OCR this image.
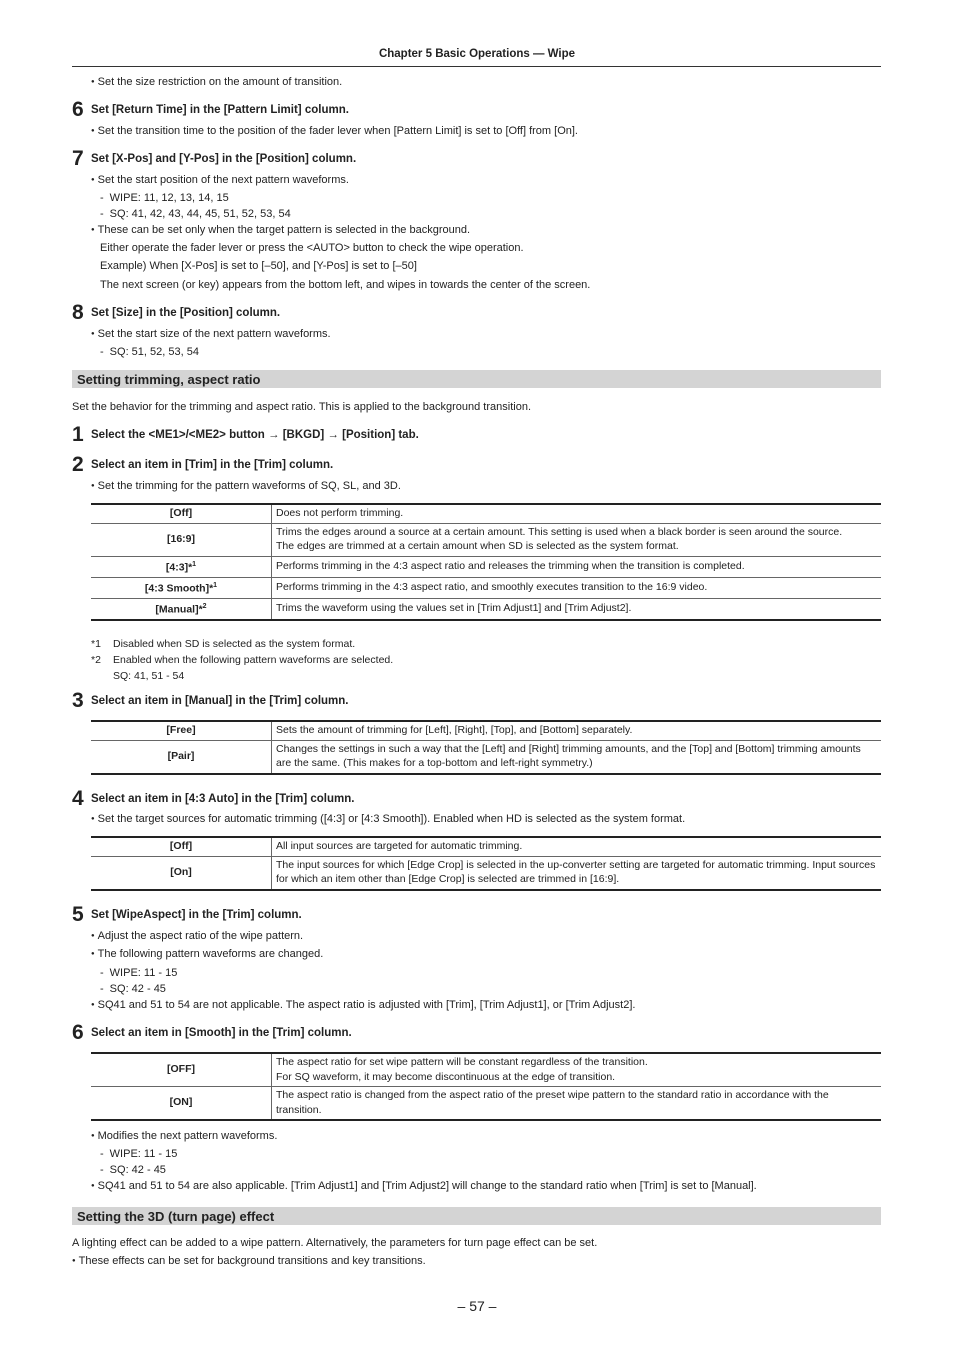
Chapter 5 Basic Operations — Wipe
● Set the size restriction on the amount of transition.
6 Set [Return Time] in the [Pattern Limit] column.
● Set the transition time to the position of the fader lever when [Pattern Limit] is set to [Off] from [On].
7 Set [X-Pos] and [Y-Pos] in the [Position] column.
● Set the start position of the next pattern waveforms.
- WIPE: 11, 12, 13, 14, 15
- SQ: 41, 42, 43, 44, 45, 51, 52, 53, 54
● These can be set only when the target pattern is selected in the background.
Either operate the fader lever or press the <AUTO> button to check the wipe operation.
Example) When [X-Pos] is set to [–50], and [Y-Pos] is set to [–50]
The next screen (or key) appears from the bottom left, and wipes in towards the center of the screen.
8 Set [Size] in the [Position] column.
● Set the start size of the next pattern waveforms.
- SQ: 51, 52, 53, 54
Setting trimming, aspect ratio
Set the behavior for the trimming and aspect ratio. This is applied to the background transition.
1 Select the <ME1>/<ME2> button → [BKGD] → [Position] tab.
2 Select an item in [Trim] in the [Trim] column.
● Set the trimming for the pattern waveforms of SQ, SL, and 3D.
[Off]	Does not perform trimming.
[16:9]	Trims the edges around a source at a certain amount. This setting is used when a black border is seen around the source.
The edges are trimmed at a certain amount when SD is selected as the system format.

[4:3]*$^1$	Performs trimming in the 4:3 aspect ratio and releases the trimming when the transition is completed.
[4:3 Smooth]*$^1$	Performs trimming in the 4:3 aspect ratio, and smoothly executes transition to the 16:9 video.
[Manual]*$^2$	Trims the waveform using the values set in [Trim Adjust1] and [Trim Adjust2].
*1 Disabled when SD is selected as the system format.
*2 Enabled when the following pattern waveforms are selected.
SQ: 41, 51 - 54
3 Select an item in [Manual] in the [Trim] column.
[Free]	Sets the amount of trimming for [Left], [Right], [Top], and [Bottom] separately.
[Pair]	Changes the settings in such a way that the [Left] and [Right] trimming amounts, and the [Top] and [Bottom] trimming amounts are the same. (This makes for a top-bottom and left-right symmetry.)
4 Select an item in [4:3 Auto] in the [Trim] column.
● Set the target sources for automatic trimming ([4:3] or [4:3 Smooth]). Enabled when HD is selected as the system format.
[Off]	All input sources are targeted for automatic trimming.
[On]	The input sources for which [Edge Crop] is selected in the up-converter setting are targeted for automatic trimming. Input sources for which an item other than [Edge Crop] is selected are trimmed in [16:9].
5 Set [WipeAspect] in the [Trim] column.
● Adjust the aspect ratio of the wipe pattern.
● The following pattern waveforms are changed.
- WIPE: 11 - 15
- SQ: 42 - 45
● SQ41 and 51 to 54 are not applicable. The aspect ratio is adjusted with [Trim], [Trim Adjust1], or [Trim Adjust2].
6 Select an item in [Smooth] in the [Trim] column.
[OFF]	The aspect ratio for set wipe pattern will be constant regardless of the transition.
For SQ waveform, it may become discontinuous at the edge of transition.

[ON]	The aspect ratio is changed from the aspect ratio of the preset wipe pattern to the standard ratio in accordance with the transition.
● Modifies the next pattern waveforms.
- WIPE: 11 - 15
- SQ: 42 - 45
● SQ41 and 51 to 54 are also applicable. [Trim Adjust1] and [Trim Adjust2] will change to the standard ratio when [Trim] is set to [Manual].
Setting the 3D (turn page) effect
A lighting effect can be added to a wipe pattern. Alternatively, the parameters for turn page effect can be set.
● These effects can be set for background transitions and key transitions.
– 57 –
